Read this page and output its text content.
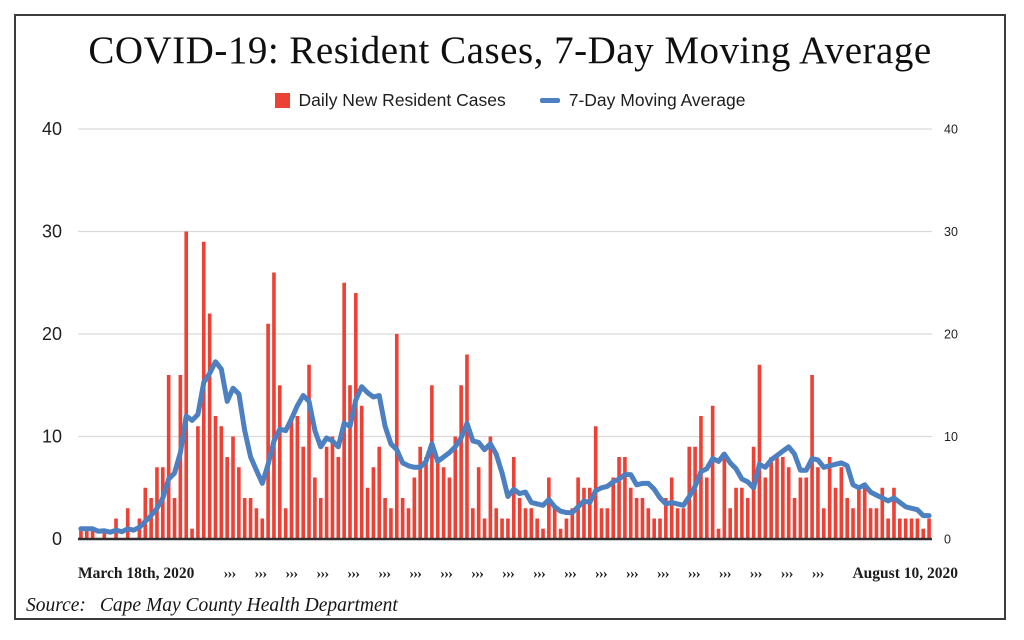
COVID-19: Resident Cases, 7-Day Moving Average
Daily New Resident Cases	7-Day Moving Average
0	0
10	10
20	20
30	30
40	40
March 18th, 2020 ››› ››› ››› ››› ››› ››› ››› ››› ››› ››› ››› ››› ››› ››› ››› ››› ››› ››› ››› ››› August 10, 2020
Source: Cape May County Health Department
